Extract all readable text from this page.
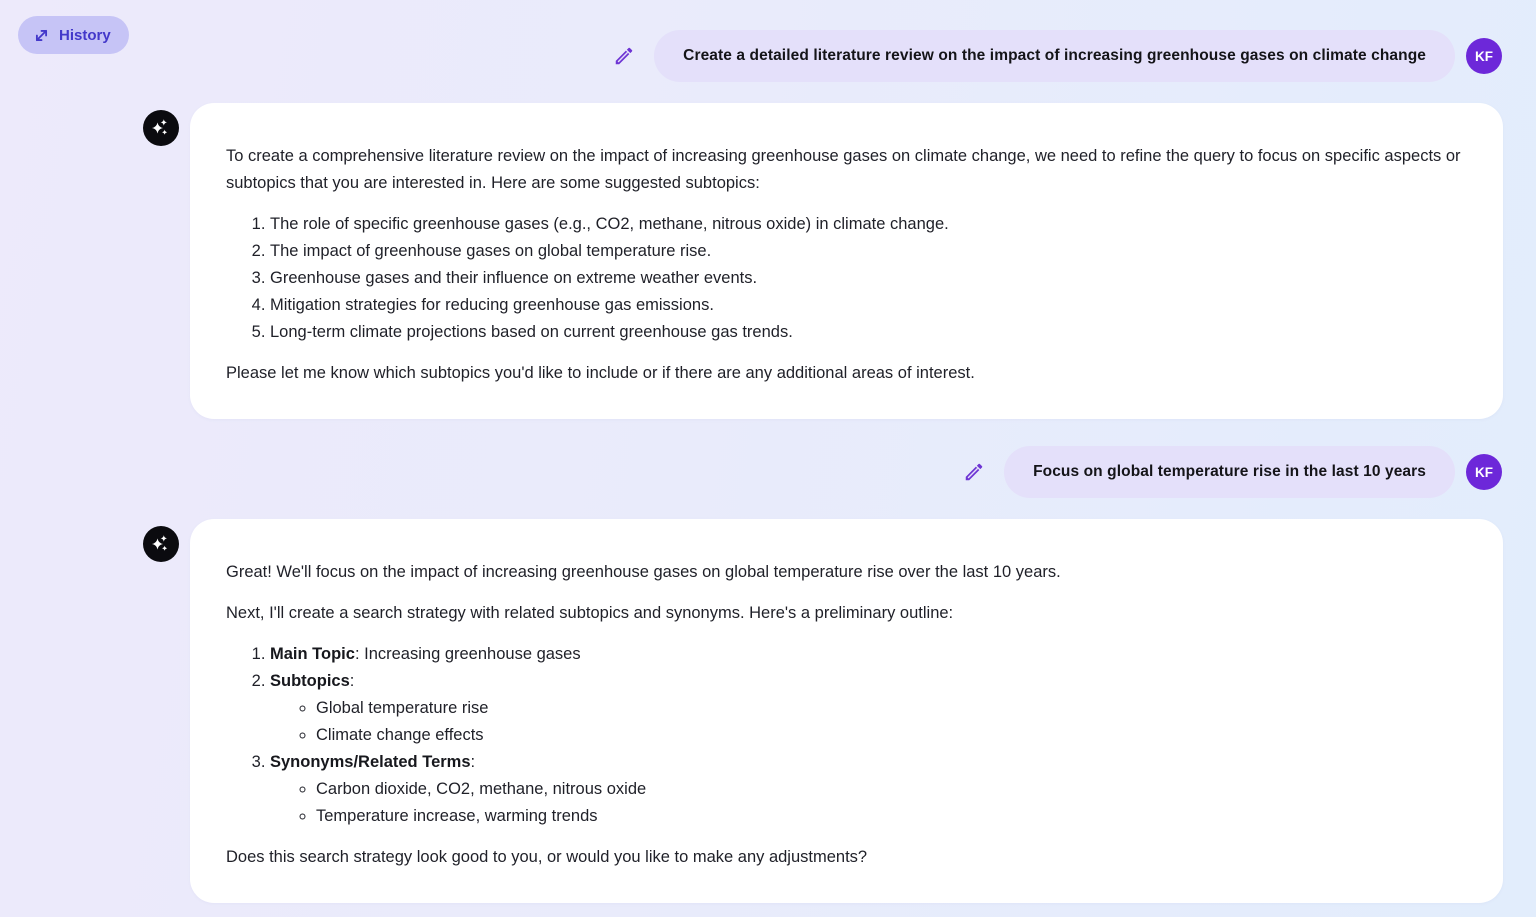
History
Create a detailed literature review on the impact of increasing greenhouse gases on climate change	KF

To create a comprehensive literature review on the impact of increasing greenhouse gases on climate change, we need to refine the query to focus on specific aspects or subtopics that you are interested in. Here are some suggested subtopics:

1. The role of specific greenhouse gases (e.g., CO2, methane, nitrous oxide) in climate change.
2. The impact of greenhouse gases on global temperature rise.
3. Greenhouse gases and their influence on extreme weather events.
4. Mitigation strategies for reducing greenhouse gas emissions.
5. Long-term climate projections based on current greenhouse gas trends.

Please let me know which subtopics you'd like to include or if there are any additional areas of interest.

Focus on global temperature rise in the last 10 years	KF

Great! We'll focus on the impact of increasing greenhouse gases on global temperature rise over the last 10 years.

Next, I'll create a search strategy with related subtopics and synonyms. Here's a preliminary outline:

1. Main Topic: Increasing greenhouse gases
2. Subtopics:
◦ Global temperature rise
◦ Climate change effects
3. Synonyms/Related Terms:
◦ Carbon dioxide, CO2, methane, nitrous oxide
◦ Temperature increase, warming trends

Does this search strategy look good to you, or would you like to make any adjustments?
